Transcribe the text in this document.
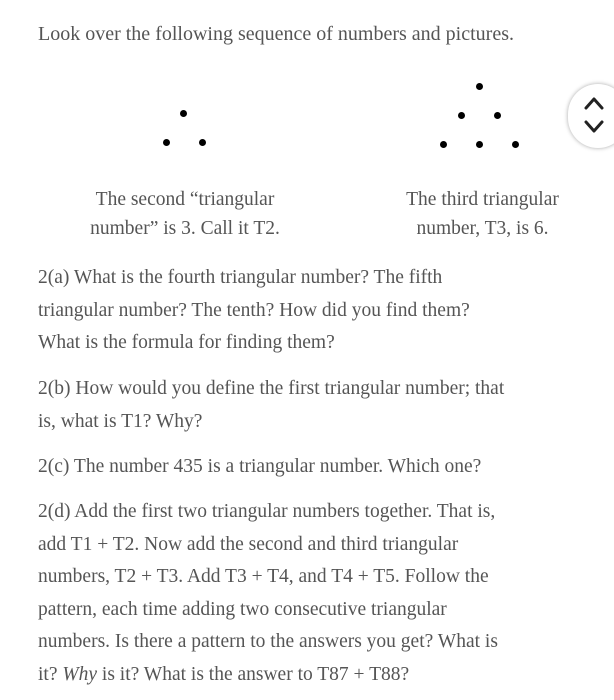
Look over the following sequence of numbers and pictures.

The second “triangular
number” is 3. Call it T2.
The third triangular
number, T3, is 6.
2(a) What is the fourth triangular number? The fifth
triangular number? The tenth? How did you find them?
What is the formula for finding them?
2(b) How would you define the first triangular number; that
is, what is T1? Why?
2(c) The number 435 is a triangular number. Which one?
2(d) Add the first two triangular numbers together. That is,
add T1 + T2. Now add the second and third triangular
numbers, T2 + T3. Add T3 + T4, and T4 + T5. Follow the
pattern, each time adding two consecutive triangular
numbers. Is there a pattern to the answers you get? What is
it? Why is it? What is the answer to T87 + T88?
